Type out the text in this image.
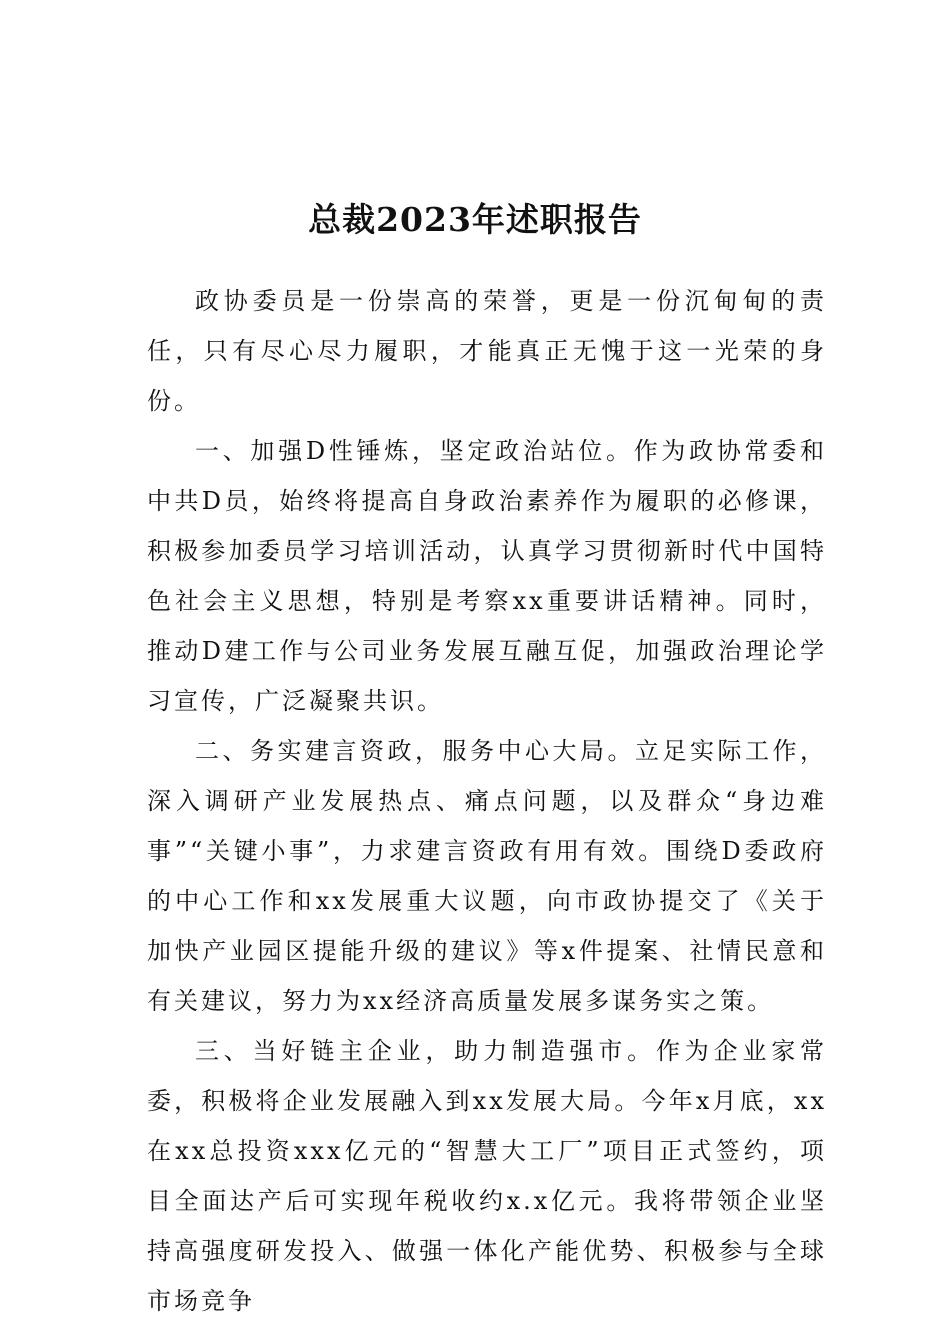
总裁2023年述职报告

政协委员是一份崇高的荣誉，更是一份沉甸甸的责任，只有尽心尽力履职，才能真正无愧于这一光荣的身份。

一、加强D性锤炼，坚定政治站位。作为政协常委和中共D员，始终将提高自身政治素养作为履职的必修课，积极参加委员学习培训活动，认真学习贯彻新时代中国特色社会主义思想，特别是考察xx重要讲话精神。同时，推动D建工作与公司业务发展互融互促，加强政治理论学习宣传，广泛凝聚共识。

二、务实建言资政，服务中心大局。立足实际工作，深入调研产业发展热点、痛点问题，以及群众“身边难事”“关键小事”，力求建言资政有用有效。围绕D委政府的中心工作和xx发展重大议题，向市政协提交了《关于加快产业园区提能升级的建议》等x件提案、社情民意和有关建议，努力为xx经济高质量发展多谋务实之策。

三、当好链主企业，助力制造强市。作为企业家常委，积极将企业发展融入到xx发展大局。今年x月底，xx在xx总投资xxx亿元的“智慧大工厂”项目正式签约，项目全面达产后可实现年税收约x.x亿元。我将带领企业坚持高强度研发投入、做强一体化产能优势、积极参与全球市场竞争
